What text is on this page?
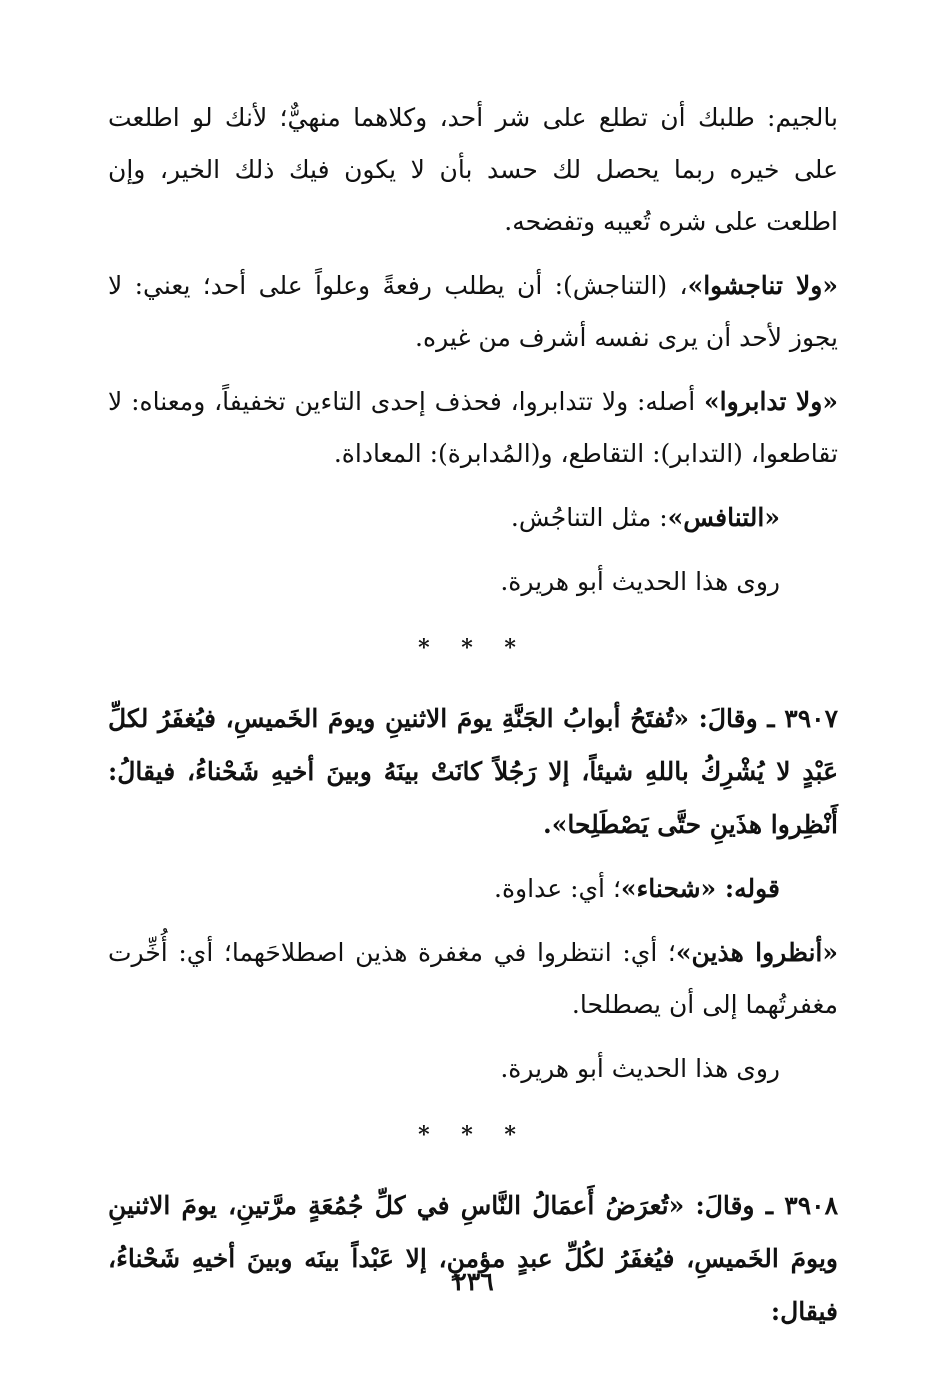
بالجيم: طلبك أن تطلع على شر أحد، وكلاهما منهيٌّ؛ لأنك لو اطلعت على خيره ربما يحصل لك حسد بأن لا يكون فيك ذلك الخير، وإن اطلعت على شره تُعيبه وتفضحه.

«ولا تناجشوا»، (التناجش): أن يطلب رفعةً وعلواً على أحد؛ يعني: لا يجوز لأحد أن يرى نفسه أشرف من غيره.

«ولا تدابروا» أصله: ولا تتدابروا، فحذف إحدى التاءين تخفيفاً، ومعناه: لا تقاطعوا، (التدابر): التقاطع، و(المُدابرة): المعاداة.

«التنافس»: مثل التناجُش.

روى هذا الحديث أبو هريرة.

* * *

٣٩٠٧ ـ وقالَ: «تُفتَحُ أبوابُ الجَنَّةِ يومَ الاثنينِ ويومَ الخَميسِ، فيُغفَرُ لكلِّ عَبْدٍ لا يُشْرِكُ باللهِ شيئاً، إلا رَجُلاً كانَتْ بينَهُ وبينَ أخيهِ شَحْناءُ، فيقالُ: أَنْظِروا هذَينِ حتَّى يَصْطَلِحا».

قوله: «شحناء»؛ أي: عداوة.

«أنظروا هذين»؛ أي: انتظروا في مغفرة هذين اصطلاحَهما؛ أي: أُخِّرت مغفرتُهما إلى أن يصطلحا.

روى هذا الحديث أبو هريرة.

* * *

٣٩٠٨ ـ وقالَ: «تُعرَضُ أَعمَالُ النَّاسِ في كلِّ جُمُعَةٍ مرَّتينِ، يومَ الاثنينِ ويومَ الخَميسِ، فيُغفَرُ لكُلِّ عبدٍ مؤمنٍ، إلا عَبْداً بينَه وبينَ أخيهِ شَحْناءُ، فيقال:

٢٣٦
